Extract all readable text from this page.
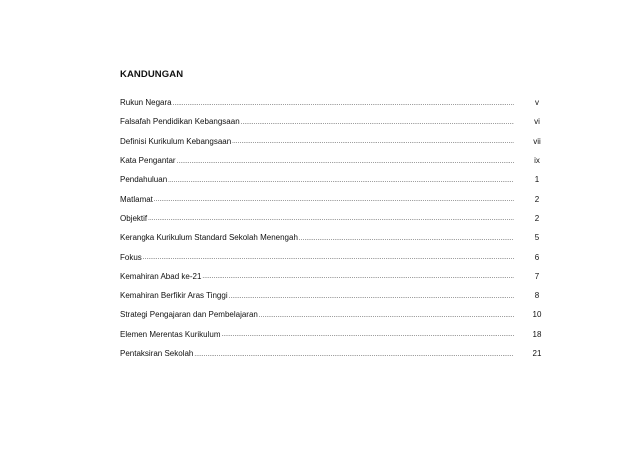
KANDUNGAN
Rukun Negara .....	v
Falsafah Pendidikan Kebangsaan .....	vi
Definisi Kurikulum Kebangsaan .....	vii
Kata Pengantar .....	ix
Pendahuluan .....	1
Matlamat .....	2
Objektif .....	2
Kerangka Kurikulum Standard Sekolah Menengah .....	5
Fokus .....	6
Kemahiran Abad ke-21 .....	7
Kemahiran Berfikir Aras Tinggi .....	8
Strategi Pengajaran dan Pembelajaran .....	10
Elemen Merentas Kurikulum .....	18
Pentaksiran Sekolah .....	21
